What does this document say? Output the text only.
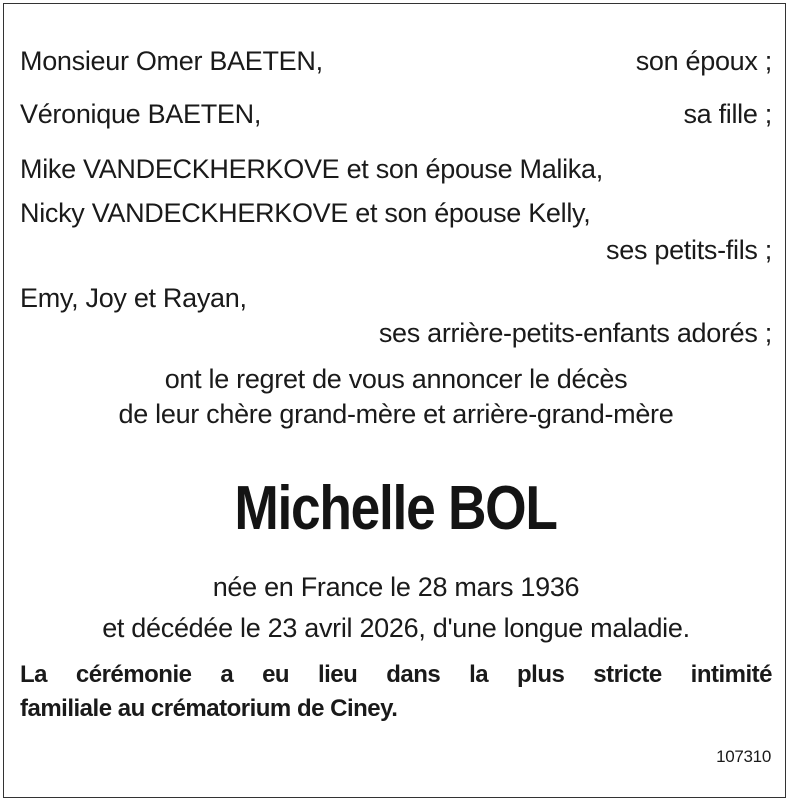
Monsieur Omer BAETEN,	son époux ;
Véronique BAETEN,	sa fille ;
Mike VANDECKHERKOVE et son épouse Malika,
Nicky VANDECKHERKOVE et son épouse Kelly,
ses petits-fils ;
Emy, Joy et Rayan,
ses arrière-petits-enfants adorés ;
ont le regret de vous annoncer le décès
de leur chère grand-mère et arrière-grand-mère
Michelle BOL
née en France le 28 mars 1936
et décédée le 23 avril 2026, d'une longue maladie.
La cérémonie a eu lieu dans la plus stricte intimité
familiale au crématorium de Ciney.
107310
